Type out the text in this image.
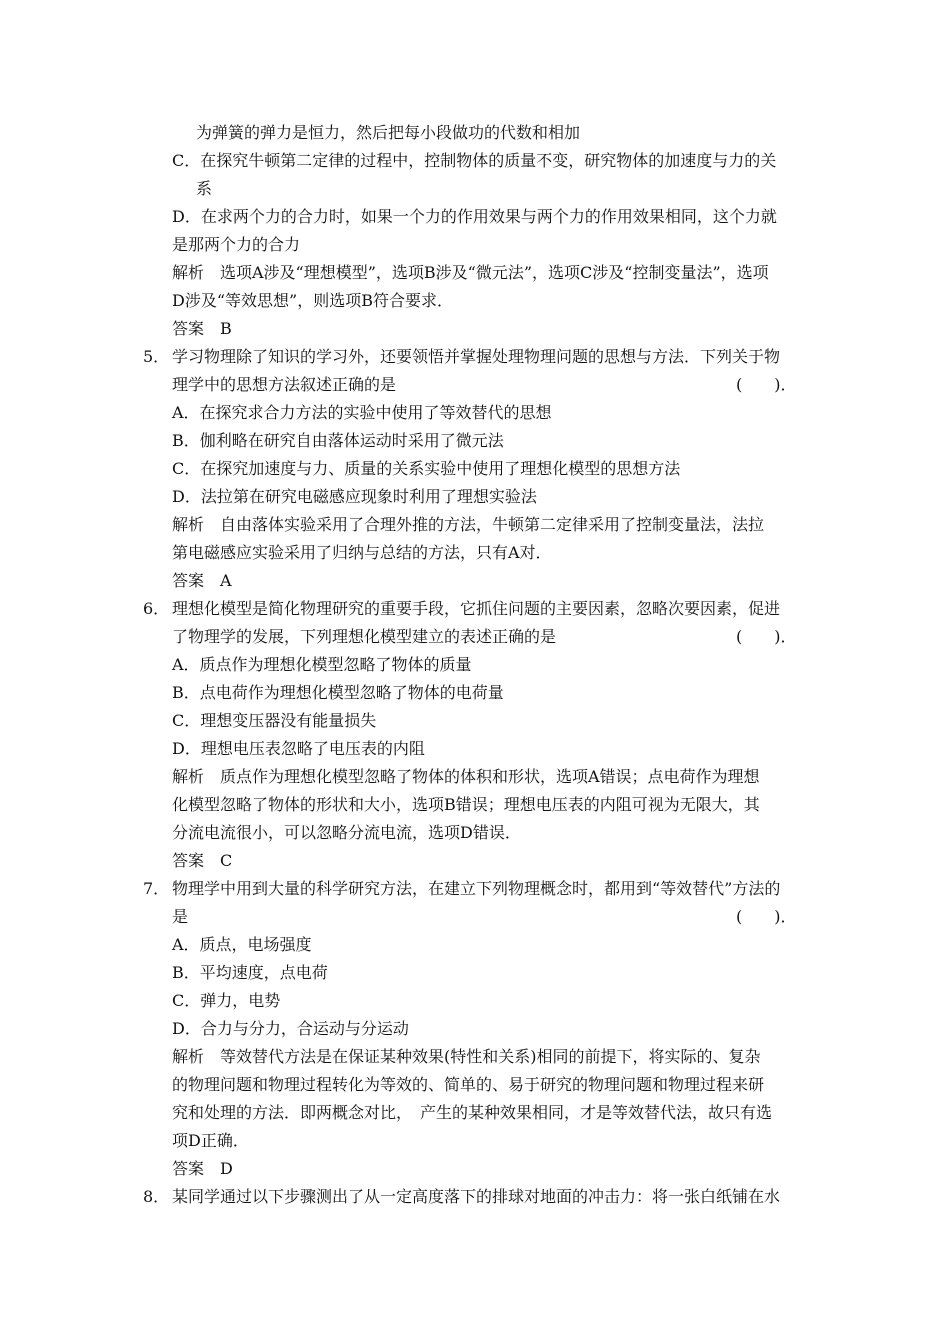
为弹簧的弹力是恒力，然后把每小段做功的代数和相加
C．在探究牛顿第二定律的过程中，控制物体的质量不变，研究物体的加速度与力的关
系
D．在求两个力的合力时，如果一个力的作用效果与两个力的作用效果相同，这个力就
是那两个力的合力
解析　选项A涉及“理想模型”，选项B涉及“微元法”，选项C涉及“控制变量法”，选项
D涉及“等效思想”，则选项B符合要求．
答案　B
5． 学习物理除了知识的学习外，还要领悟并掌握处理物理问题的思想与方法．下列关于物
理学中的思想方法叙述正确的是	(　　)．
A．在探究求合力方法的实验中使用了等效替代的思想
B．伽利略在研究自由落体运动时采用了微元法
C．在探究加速度与力、质量的关系实验中使用了理想化模型的思想方法
D．法拉第在研究电磁感应现象时利用了理想实验法
解析　自由落体实验采用了合理外推的方法，牛顿第二定律采用了控制变量法，法拉
第电磁感应实验采用了归纳与总结的方法，只有A对．
答案　A
6． 理想化模型是简化物理研究的重要手段，它抓住问题的主要因素，忽略次要因素，促进
了物理学的发展，下列理想化模型建立的表述正确的是	(　　)．
A．质点作为理想化模型忽略了物体的质量
B．点电荷作为理想化模型忽略了物体的电荷量
C．理想变压器没有能量损失
D．理想电压表忽略了电压表的内阻
解析　质点作为理想化模型忽略了物体的体积和形状，选项A错误；点电荷作为理想
化模型忽略了物体的形状和大小，选项B错误；理想电压表的内阻可视为无限大，其
分流电流很小，可以忽略分流电流，选项D错误．
答案　C
7． 物理学中用到大量的科学研究方法，在建立下列物理概念时，都用到“等效替代”方法的
是	(　　)．
A．质点，电场强度
B．平均速度，点电荷
C．弹力，电势
D．合力与分力，合运动与分运动
解析　等效替代方法是在保证某种效果(特性和关系)相同的前提下，将实际的、复杂
的物理问题和物理过程转化为等效的、简单的、易于研究的物理问题和物理过程来研
究和处理的方法．即两概念对比，　产生的某种效果相同，才是等效替代法，故只有选
项D正确．
答案　D
8． 某同学通过以下步骤测出了从一定高度落下的排球对地面的冲击力：将一张白纸铺在水
